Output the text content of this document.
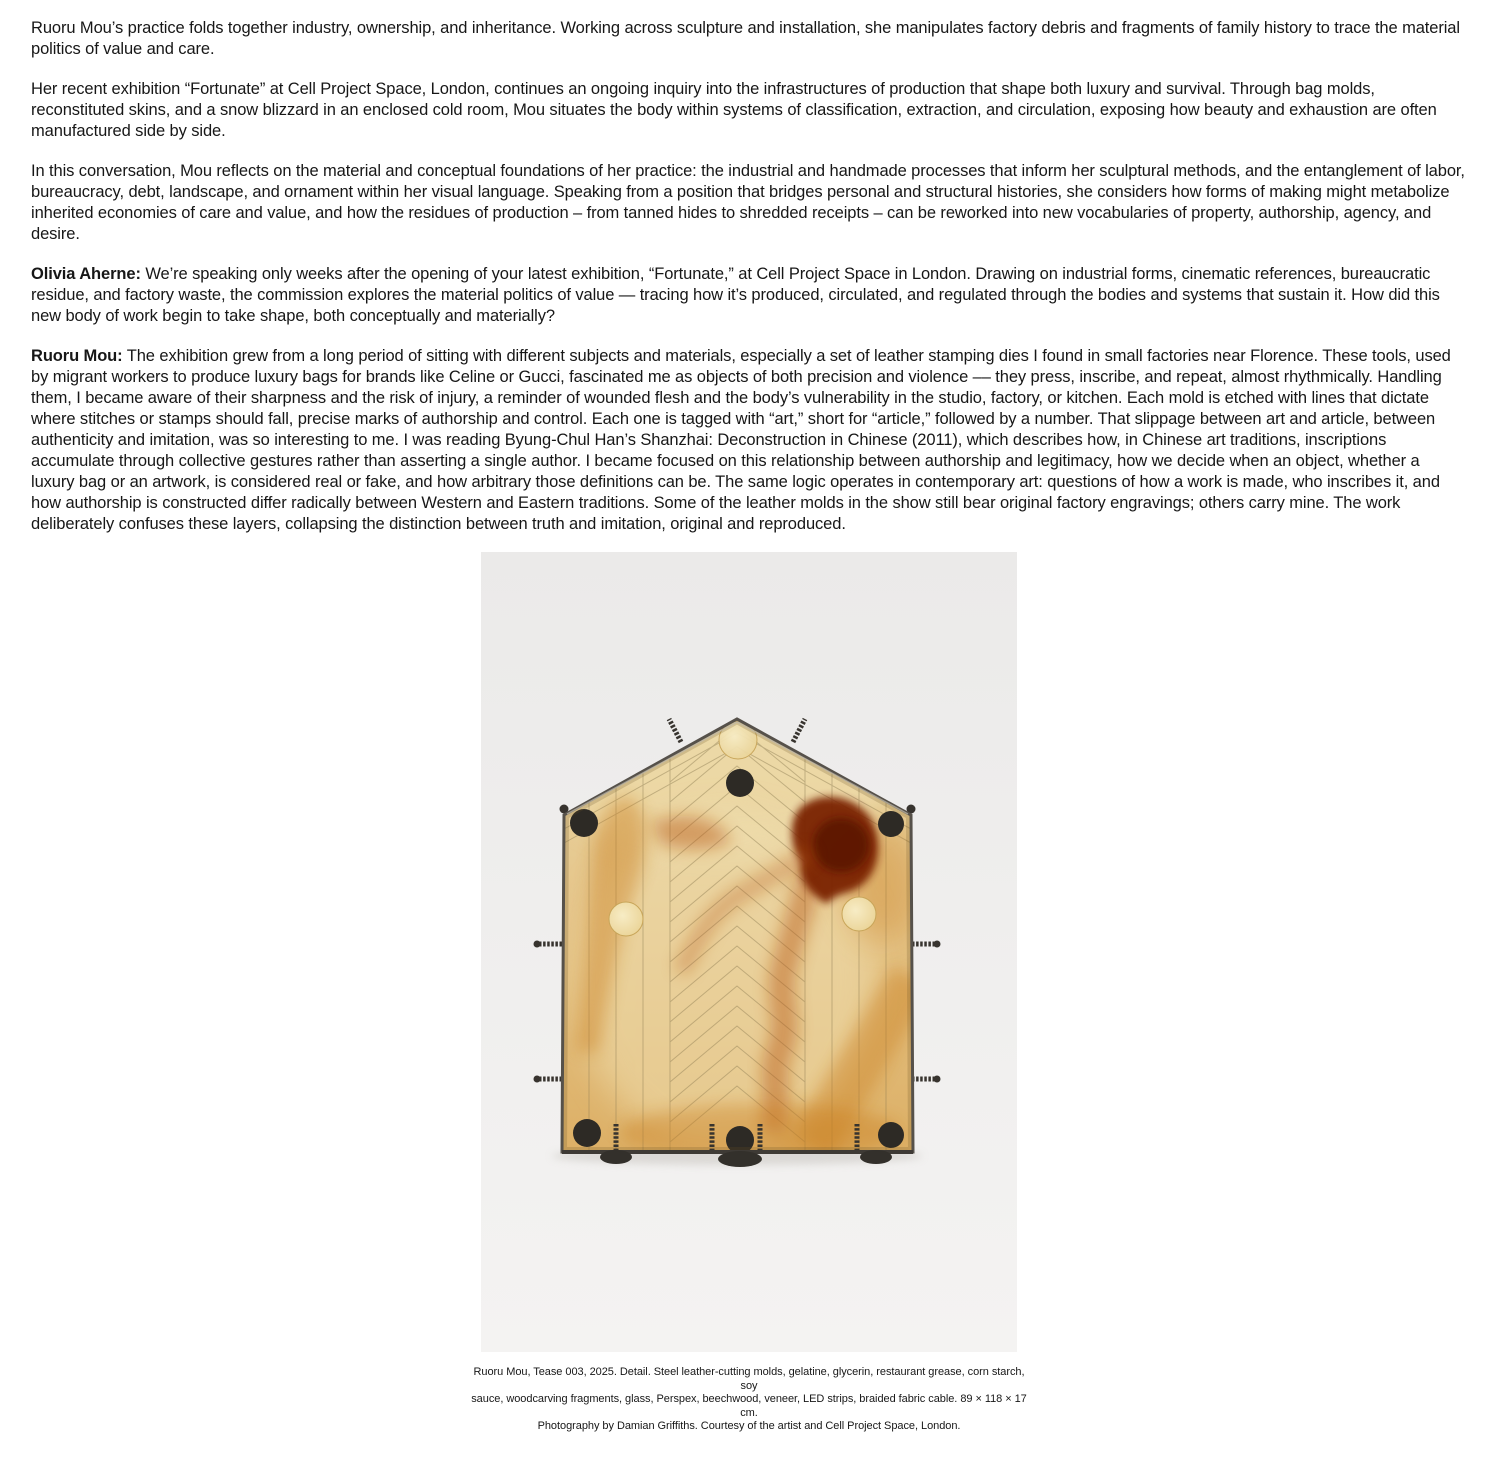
Ruoru Mou’s practice folds together industry, ownership, and inheritance. Working across sculpture and installation, she manipulates factory debris and fragments of family history to trace the material politics of value and care.

Her recent exhibition “Fortunate” at Cell Project Space, London, continues an ongoing inquiry into the infrastructures of production that shape both luxury and survival. Through bag molds, reconstituted skins, and a snow blizzard in an enclosed cold room, Mou situates the body within systems of classification, extraction, and circulation, exposing how beauty and exhaustion are often manufactured side by side.

In this conversation, Mou reflects on the material and conceptual foundations of her practice: the industrial and handmade processes that inform her sculptural methods, and the entanglement of labor, bureaucracy, debt, landscape, and ornament within her visual language. Speaking from a position that bridges personal and structural histories, she considers how forms of making might metabolize inherited economies of care and value, and how the residues of production – from tanned hides to shredded receipts – can be reworked into new vocabularies of property, authorship, agency, and desire.

Olivia Aherne: We’re speaking only weeks after the opening of your latest exhibition, “Fortunate,” at Cell Project Space in London. Drawing on industrial forms, cinematic references, bureaucratic residue, and factory waste, the commission explores the material politics of value — tracing how it’s produced, circulated, and regulated through the bodies and systems that sustain it. How did this new body of work begin to take shape, both conceptually and materially?

Ruoru Mou: The exhibition grew from a long period of sitting with different subjects and materials, especially a set of leather stamping dies I found in small factories near Florence. These tools, used by migrant workers to produce luxury bags for brands like Celine or Gucci, fascinated me as objects of both precision and violence –– they press, inscribe, and repeat, almost rhythmically. Handling them, I became aware of their sharpness and the risk of injury, a reminder of wounded flesh and the body’s vulnerability in the studio, factory, or kitchen. Each mold is etched with lines that dictate where stitches or stamps should fall, precise marks of authorship and control. Each one is tagged with “art,” short for “article,” followed by a number. That slippage between art and article, between authenticity and imitation, was so interesting to me. I was reading Byung-Chul Han’s Shanzhai: Deconstruction in Chinese (2011), which describes how, in Chinese art traditions, inscriptions accumulate through collective gestures rather than asserting a single author. I became focused on this relationship between authorship and legitimacy, how we decide when an object, whether a luxury bag or an artwork, is considered real or fake, and how arbitrary those definitions can be. The same logic operates in contemporary art: questions of how a work is made, who inscribes it, and how authorship is constructed differ radically between Western and Eastern traditions. Some of the leather molds in the show still bear original factory engravings; others carry mine. The work deliberately confuses these layers, collapsing the distinction between truth and imitation, original and reproduced.

Ruoru Mou, Tease 003, 2025. Detail. Steel leather-cutting molds, gelatine, glycerin, restaurant grease, corn starch, soy
sauce, woodcarving fragments, glass, Perspex, beechwood, veneer, LED strips, braided fabric cable. 89 × 118 × 17 cm.
Photography by Damian Griffiths. Courtesy of the artist and Cell Project Space, London.
